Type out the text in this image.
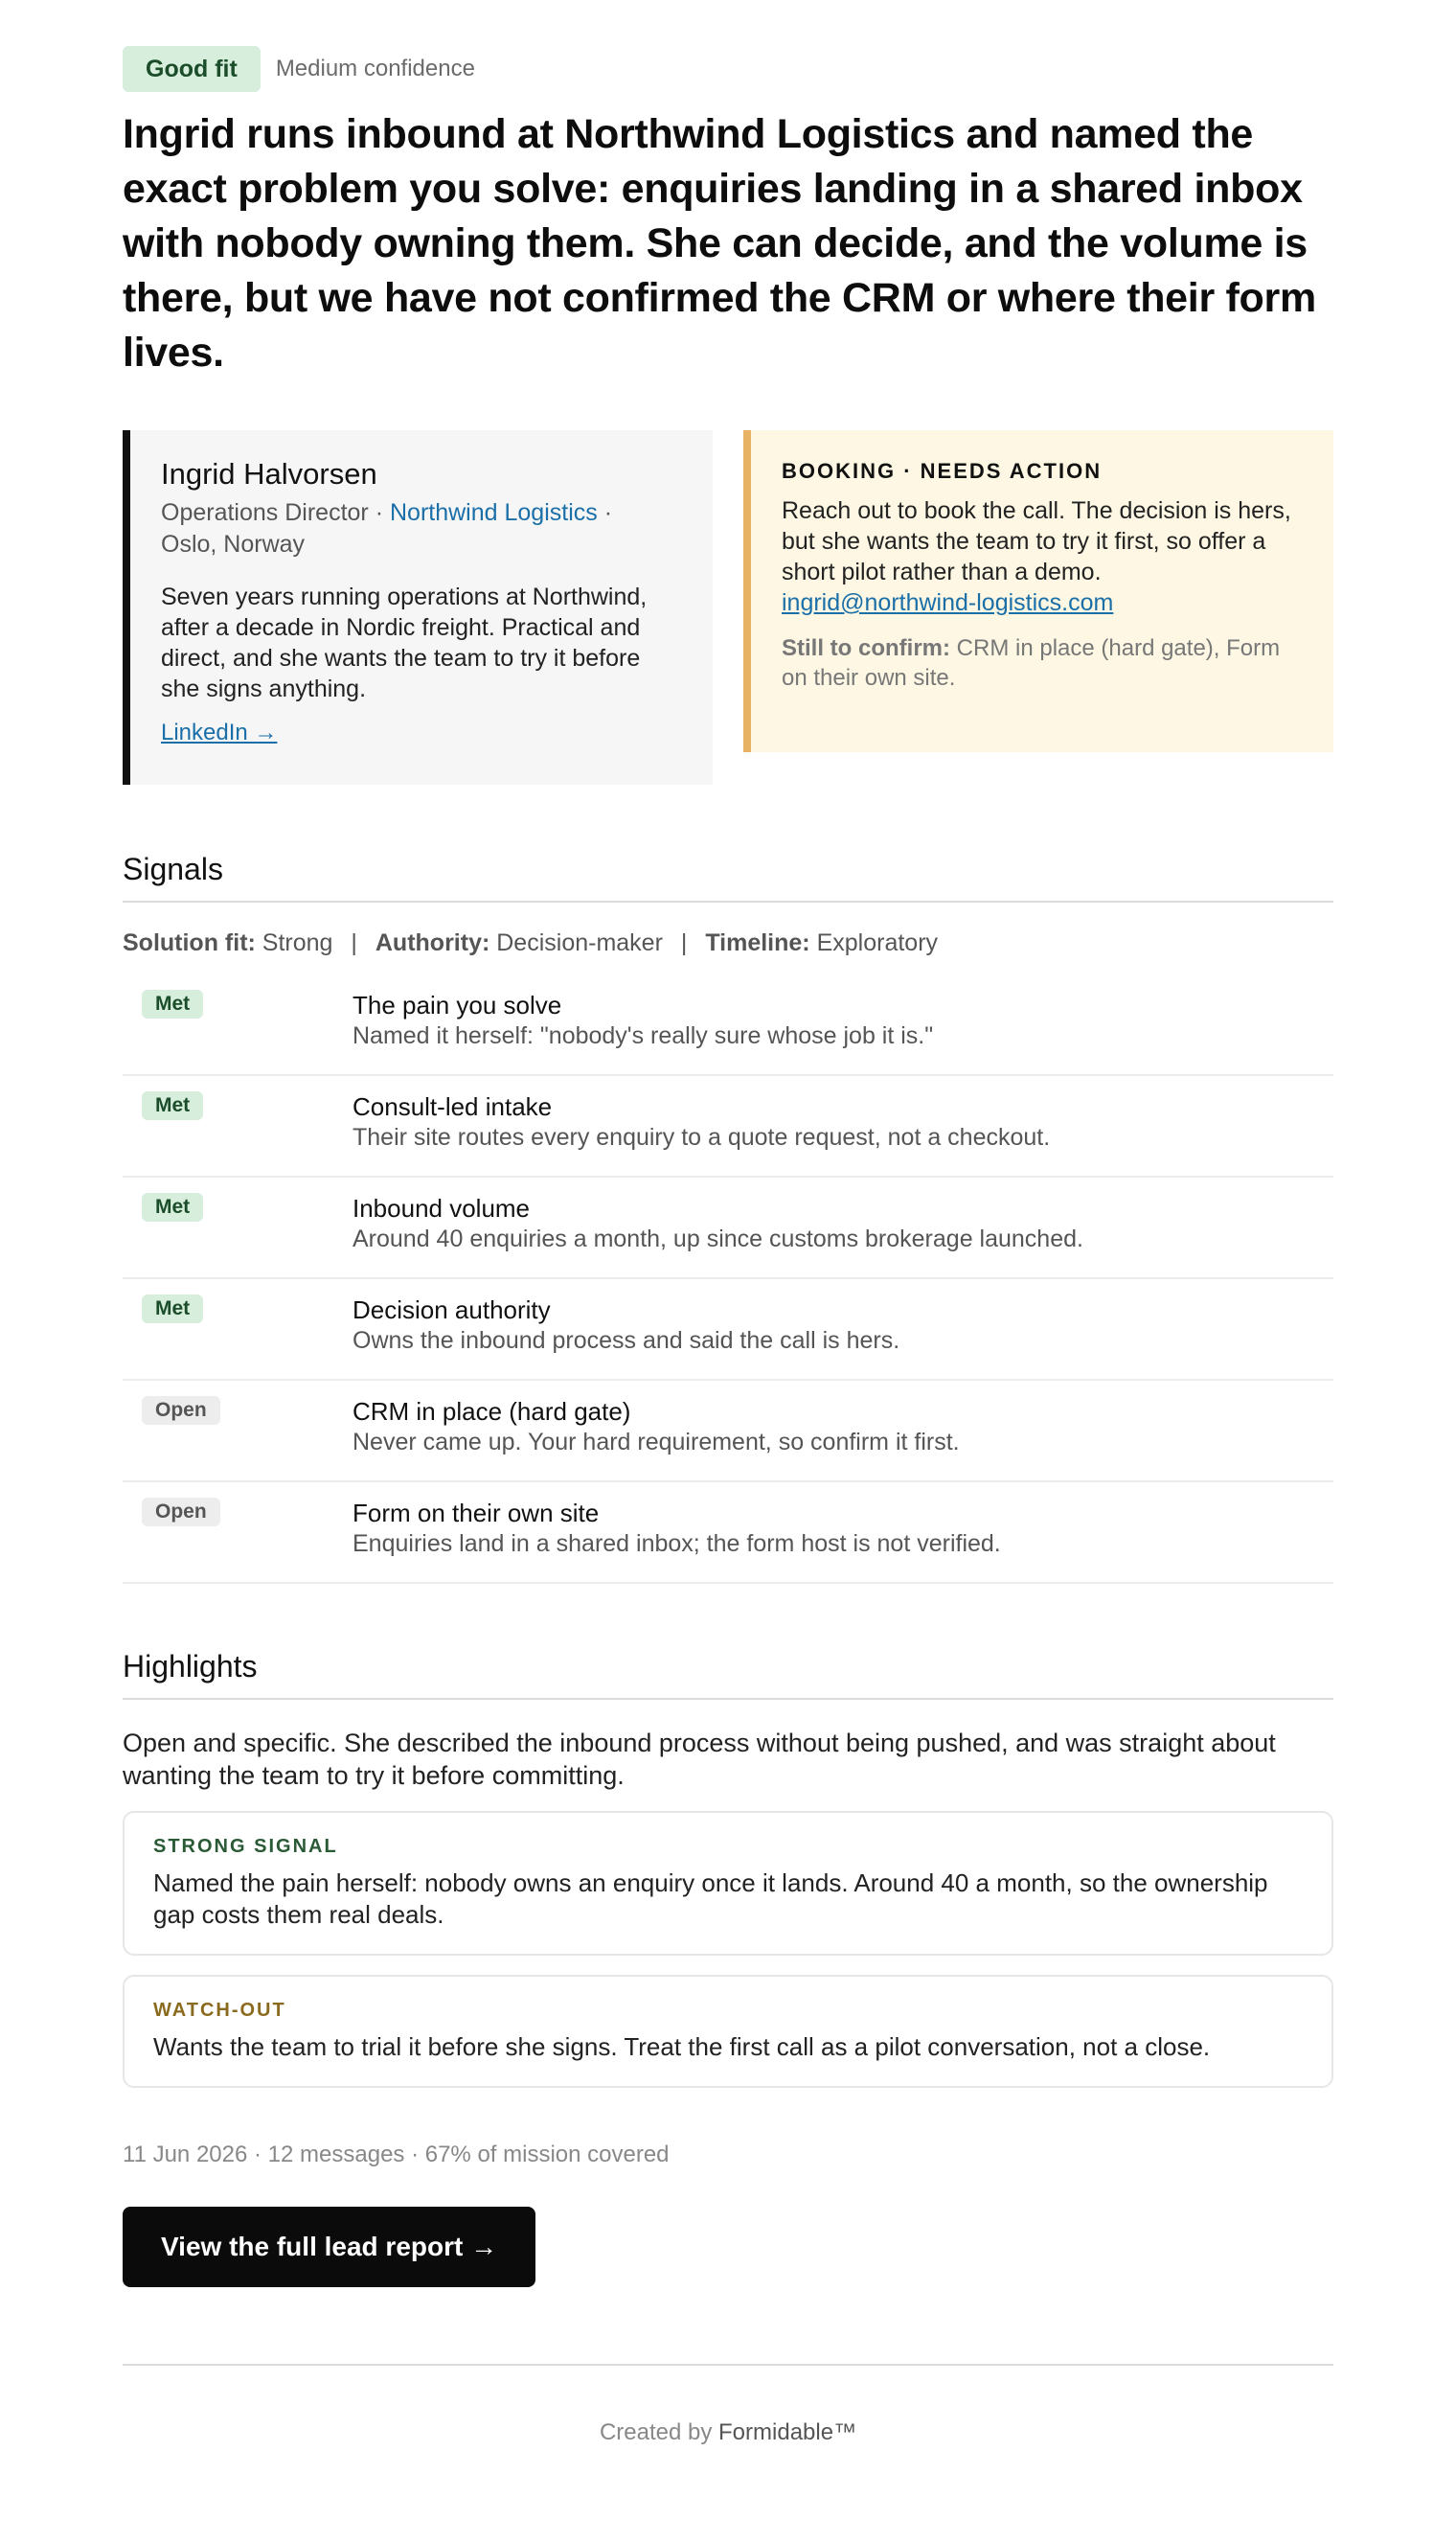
Good fit	Medium confidence
Ingrid runs inbound at Northwind Logistics and named the exact problem you solve: enquiries landing in a shared inbox with nobody owning them. She can decide, and the volume is there, but we have not confirmed the CRM or where their form lives.
Ingrid Halvorsen
Operations Director · Northwind Logistics ·
Oslo, Norway
Seven years running operations at Northwind, after a decade in Nordic freight. Practical and direct, and she wants the team to try it before she signs anything.
LinkedIn →
BOOKING · NEEDS ACTION
Reach out to book the call. The decision is hers, but she wants the team to try it first, so offer a short pilot rather than a demo.
ingrid@northwind-logistics.com
Still to confirm: CRM in place (hard gate), Form on their own site.
Signals
Solution fit: Strong | Authority: Decision-maker | Timeline: Exploratory
Met	The pain you solve
Named it herself: "nobody's really sure whose job it is."
Met	Consult-led intake
Their site routes every enquiry to a quote request, not a checkout.
Met	Inbound volume
Around 40 enquiries a month, up since customs brokerage launched.
Met	Decision authority
Owns the inbound process and said the call is hers.
Open	CRM in place (hard gate)
Never came up. Your hard requirement, so confirm it first.
Open	Form on their own site
Enquiries land in a shared inbox; the form host is not verified.
Highlights
Open and specific. She described the inbound process without being pushed, and was straight about wanting the team to try it before committing.
STRONG SIGNAL
Named the pain herself: nobody owns an enquiry once it lands. Around 40 a month, so the ownership gap costs them real deals.
WATCH-OUT
Wants the team to trial it before she signs. Treat the first call as a pilot conversation, not a close.
11 Jun 2026 · 12 messages · 67% of mission covered
View the full lead report →
Created by Formidable™
